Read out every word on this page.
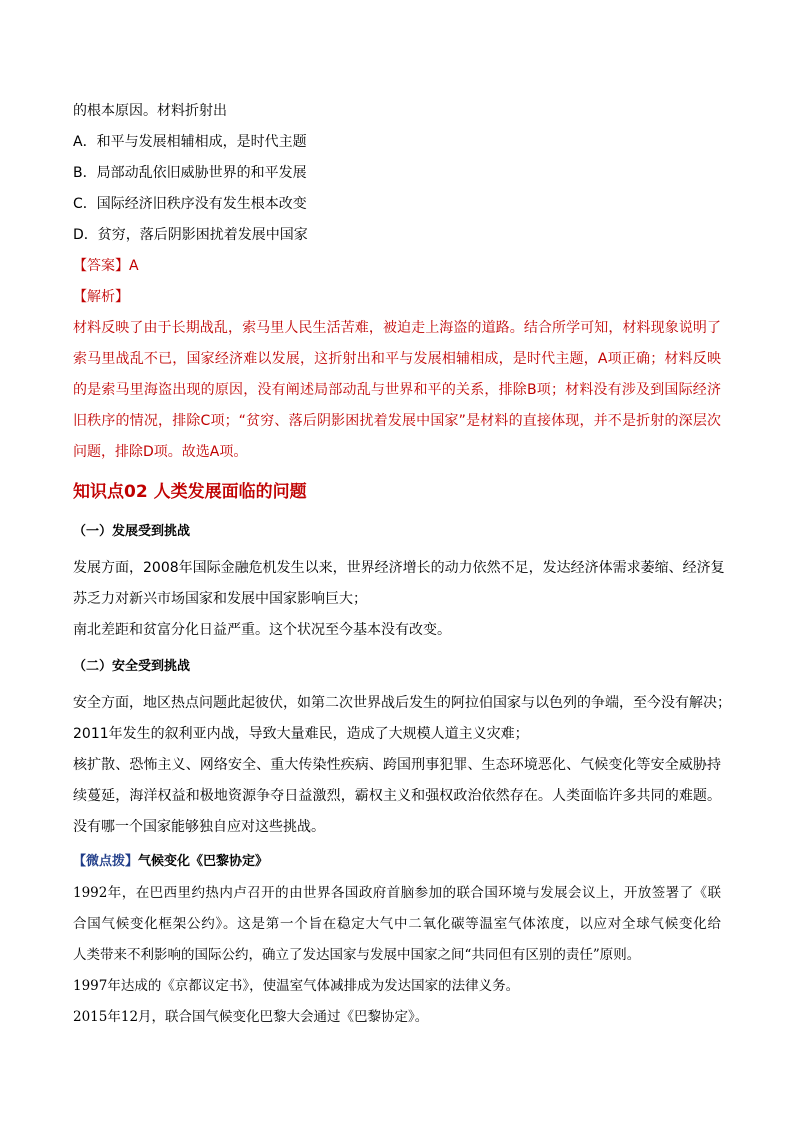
的根本原因。材料折射出
A．和平与发展相辅相成，是时代主题
B．局部动乱依旧威胁世界的和平发展
C．国际经济旧秩序没有发生根本改变
D．贫穷，落后阴影困扰着发展中国家
【答案】A
【解析】
材料反映了由于长期战乱，索马里人民生活苦难，被迫走上海盗的道路。结合所学可知，材料现象说明了
索马里战乱不已，国家经济难以发展，这折射出和平与发展相辅相成，是时代主题，A项正确；材料反映
的是索马里海盗出现的原因，没有阐述局部动乱与世界和平的关系，排除B项；材料没有涉及到国际经济
旧秩序的情况，排除C项；“贫穷、落后阴影困扰着发展中国家”是材料的直接体现，并不是折射的深层次
问题，排除D项。故选A项。
知识点02 人类发展面临的问题
（一）发展受到挑战
发展方面，2008年国际金融危机发生以来，世界经济增长的动力依然不足，发达经济体需求萎缩、经济复
苏乏力对新兴市场国家和发展中国家影响巨大；
南北差距和贫富分化日益严重。这个状况至今基本没有改变。
（二）安全受到挑战
安全方面，地区热点问题此起彼伏，如第二次世界战后发生的阿拉伯国家与以色列的争端，至今没有解决；
2011年发生的叙利亚内战，导致大量难民，造成了大规模人道主义灾难；
核扩散、恐怖主义、网络安全、重大传染性疾病、跨国刑事犯罪、生态环境恶化、气候变化等安全威胁持
续蔓延，海洋权益和极地资源争夺日益激烈，霸权主义和强权政治依然存在。人类面临许多共同的难题。
没有哪一个国家能够独自应对这些挑战。
【微点拨】气候变化《巴黎协定》
1992年，在巴西里约热内卢召开的由世界各国政府首脑参加的联合国环境与发展会议上，开放签署了《联
合国气候变化框架公约》。这是第一个旨在稳定大气中二氧化碳等温室气体浓度，以应对全球气候变化给
人类带来不利影响的国际公约，确立了发达国家与发展中国家之间“共同但有区别的责任”原则。
1997年达成的《京都议定书》，使温室气体减排成为发达国家的法律义务。
2015年12月，联合国气候变化巴黎大会通过《巴黎协定》。
